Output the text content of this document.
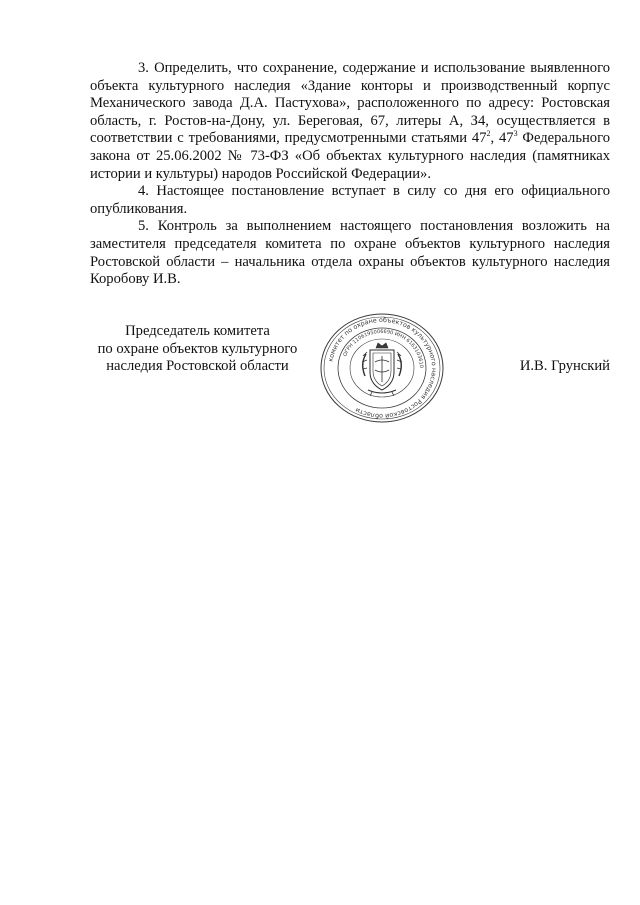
3. Определить, что сохранение, содержание и использование выявленного объекта культурного наследия «Здание конторы и производственный корпус Механического завода Д.А. Пастухова», расположенного по адресу: Ростовская область, г. Ростов-на-Дону, ул. Береговая, 67, литеры А, З4, осуществляется в соответствии с требованиями, предусмотренными статьями $47^2$, $47^3$ Федерального закона от 25.06.2002 № 73-ФЗ «Об объектах культурного наследия (памятниках истории и культуры) народов Российской Федерации».

4. Настоящее постановление вступает в силу со дня его официального опубликования.

5. Контроль за выполнением настоящего постановления возложить на заместителя председателя комитета по охране объектов культурного наследия Ростовской области – начальника отдела охраны объектов культурного наследия Коробову И.В.

Председатель комитета
по охране объектов культурного
наследия Ростовской области	комитет по охране объектов культурного наследия Ростовской области
ОГРН 1106195006690 ИНН 6163103610	И.В. Грунский
